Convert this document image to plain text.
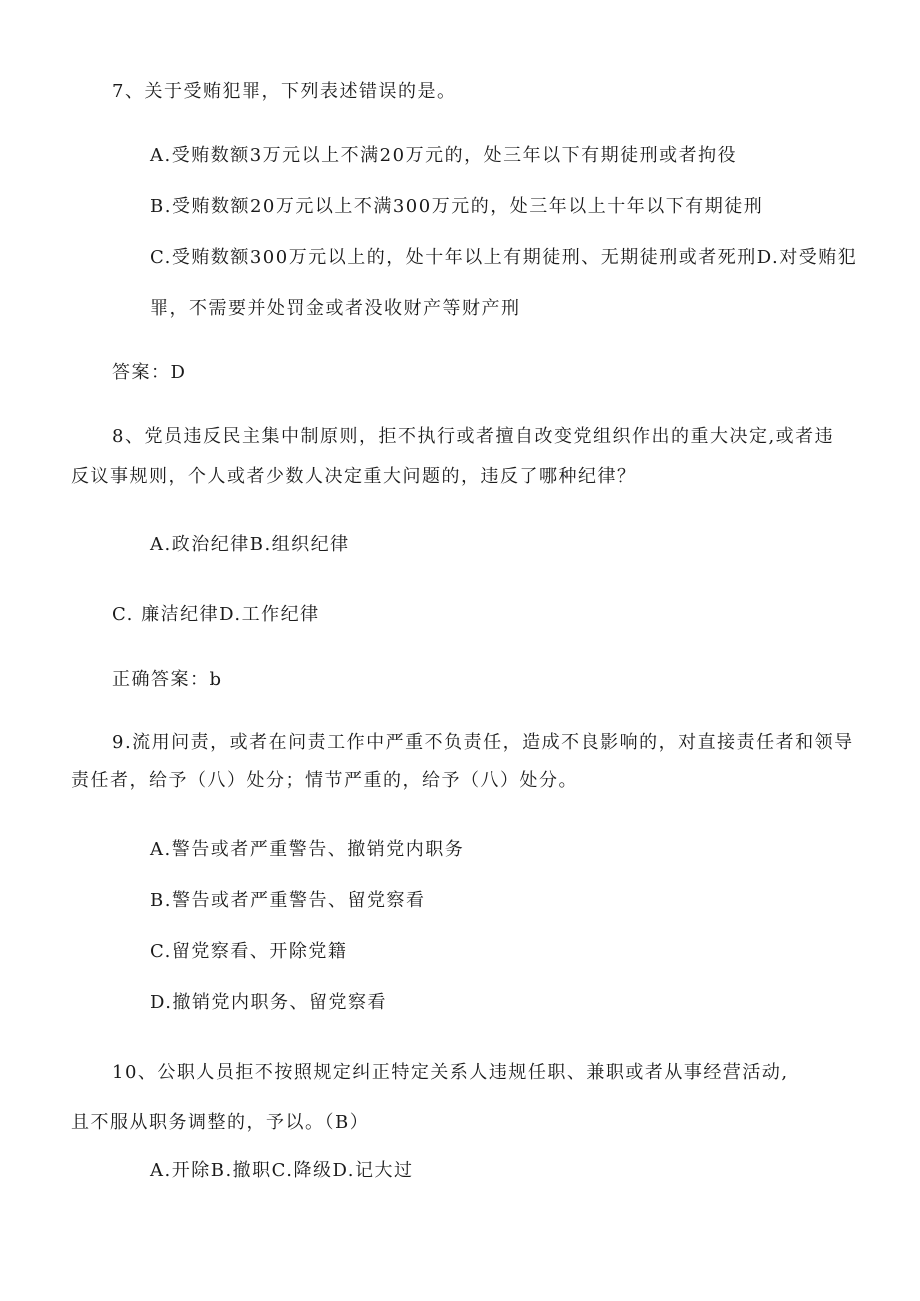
7、关于受贿犯罪，下列表述错误的是。
A.受贿数额3万元以上不满20万元的，处三年以下有期徒刑或者拘役
B.受贿数额20万元以上不满300万元的，处三年以上十年以下有期徒刑
C.受贿数额300万元以上的，处十年以上有期徒刑、无期徒刑或者死刑D.对受贿犯
罪，不需要并处罚金或者没收财产等财产刑
答案：D
8、党员违反民主集中制原则，拒不执行或者擅自改变党组织作出的重大决定,或者违
反议事规则，个人或者少数人决定重大问题的，违反了哪种纪律？
A.政治纪律B.组织纪律
C. 廉洁纪律D.工作纪律
正确答案：b
9.流用问责，或者在问责工作中严重不负责任，造成不良影响的，对直接责任者和领导
责任者，给予（八）处分；情节严重的，给予（八）处分。
A.警告或者严重警告、撤销党内职务
B.警告或者严重警告、留党察看
C.留党察看、开除党籍
D.撤销党内职务、留党察看
10、公职人员拒不按照规定纠正特定关系人违规任职、兼职或者从事经营活动,
且不服从职务调整的，予以。（B）
A.开除B.撤职C.降级D.记大过
